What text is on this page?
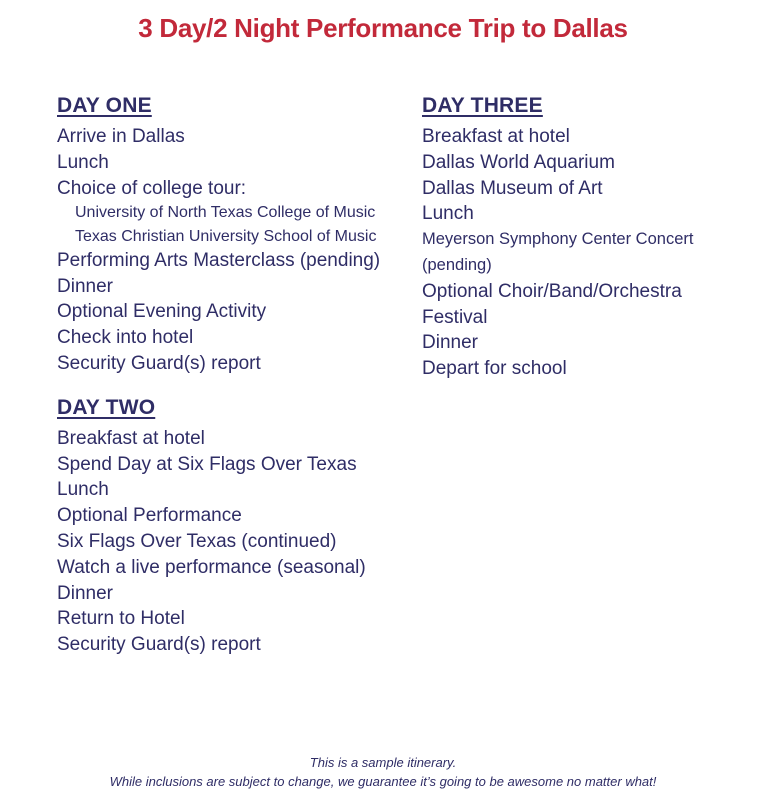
3 Day/2 Night Performance Trip to Dallas
DAY ONE
Arrive in Dallas
Lunch
Choice of college tour:
University of North Texas College of Music
Texas Christian University School of Music
Performing Arts Masterclass (pending)
Dinner
Optional Evening Activity
Check into hotel
Security Guard(s) report
DAY TWO
Breakfast at hotel
Spend Day at Six Flags Over Texas
Lunch
Optional Performance
Six Flags Over Texas (continued)
Watch a live performance (seasonal)
Dinner
Return to Hotel
Security Guard(s) report
DAY THREE
Breakfast at hotel
Dallas World Aquarium
Dallas Museum of Art
Lunch
Meyerson Symphony Center Concert (pending)
Optional Choir/Band/Orchestra Festival
Dinner
Depart for school
This is a sample itinerary.
While inclusions are subject to change, we guarantee it’s going to be awesome no matter what!
